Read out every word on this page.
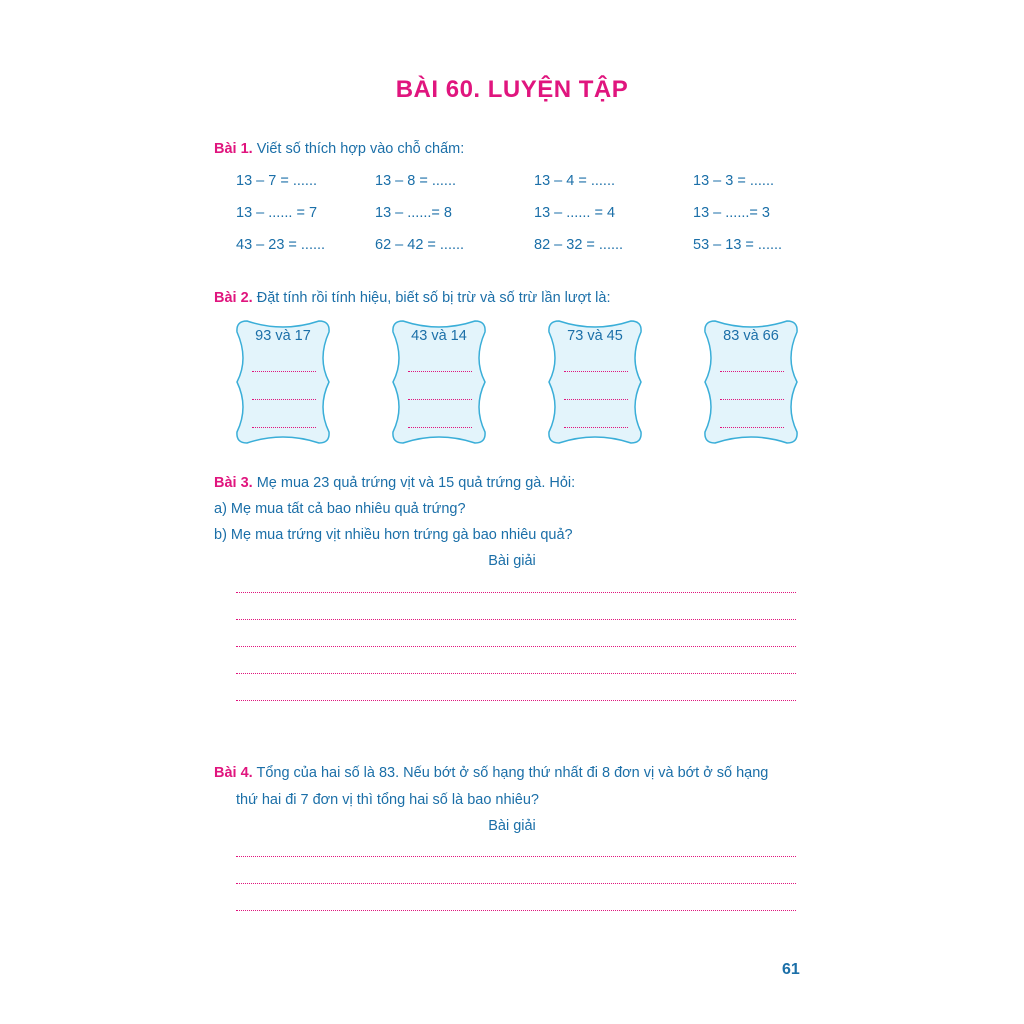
BÀI 60. LUYỆN TẬP
Bài 1. Viết số thích hợp vào chỗ chấm:
13 – 7 = ......	13 – 8 = ......	13 – 4 = ......	13 – 3 = ......
13 – ...... = 7	13 – ......= 8	13 – ...... = 4	13 – ......= 3
43 – 23 = ......	62 – 42 = ......	82 – 32 = ......	53 – 13 = ......
Bài 2. Đặt tính rồi tính hiệu, biết số bị trừ và số trừ lần lượt là:
93 và 17	43 và 14	73 và 45	83 và 66
Bài 3. Mẹ mua 23 quả trứng vịt và 15 quả trứng gà. Hỏi:
a) Mẹ mua tất cả bao nhiêu quả trứng?
b) Mẹ mua trứng vịt nhiều hơn trứng gà bao nhiêu quả?
Bài giải
Bài 4. Tổng của hai số là 83. Nếu bớt ở số hạng thứ nhất đi 8 đơn vị và bớt ở số hạng
thứ hai đi 7 đơn vị thì tổng hai số là bao nhiêu?
Bài giải
61
